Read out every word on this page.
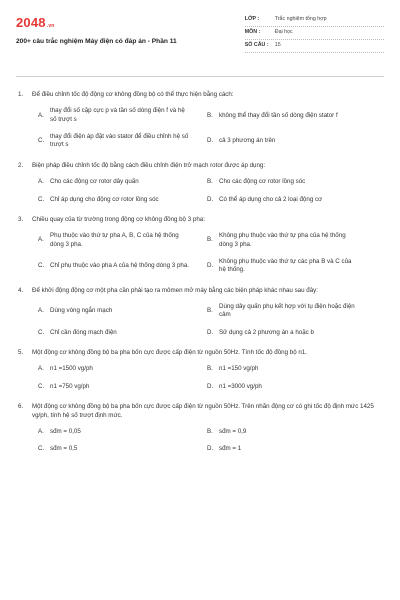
2048.vn
200+ câu trắc nghiệm Máy điện có đáp án - Phần 11
LỚP :	Trắc nghiệm tổng hợp
MÔN :	Đại học
SỐ CÂU :	15
1.	Để điều chỉnh tốc độ động cơ không đồng bộ có thể thực hiện bằng cách:
A.
thay đổi số cặp cực p và tần số dòng điện f và hệ số trượt s
B. không thể thay đổi tần số dòng điện stator f
C.
thay đổi điện áp đặt vào stator để điều chỉnh hệ số trượt s
D. cả 3 phương án trên
2.	Biện pháp điều chỉnh tốc độ bằng cách điều chỉnh điện trở mạch rotor được áp dụng:
A. Cho các động cơ rotor dây quấn	B. Cho các động cơ rotor lồng sóc
C. Chỉ áp dụng cho động cơ rotor lồng sóc	D. Có thể áp dụng cho cả 2 loại động cơ
3.	Chiều quay của từ trường trong động cơ không đồng bộ 3 pha:
A.
Phụ thuộc vào thứ tự pha A, B, C của hệ thống dòng 3 pha.
B.
Không phụ thuộc vào thứ tự pha của hệ thống dòng 3 pha.
C. Chỉ phụ thuộc vào pha A của hệ thống dòng 3 pha.	D.
Không phụ thuộc vào thứ tự các pha B và C của hệ thống.
4.	Để khởi động động cơ một pha cần phải tạo ra mômen mở máy bằng các biện pháp khác nhau sau đây:
A. Dùng vòng ngắn mạch	B.
Dùng dây quấn phụ kết hợp với tụ điện hoặc điện cảm
C. Chỉ cần đóng mạch điện	D. Sử dụng cả 2 phương án a hoặc b
5.	Một động cơ không đồng bộ ba pha bốn cực được cấp điện từ nguồn 50Hz. Tính tốc độ đồng bộ n1.
A. n1 =1500 vg/ph	B. n1 =150 vg/ph
C. n1 =750 vg/ph	D. n1 =3000 vg/ph
6.	Một động cơ không đồng bộ ba pha bốn cực được cấp điện từ nguồn 50Hz. Trên nhãn động cơ có ghi tốc độ định mức 1425 vg/ph, tính hệ số trượt định mức.
A. sđm = 0,05	B. sđm = 0,9
C. sđm = 0,5	D. sđm = 1
